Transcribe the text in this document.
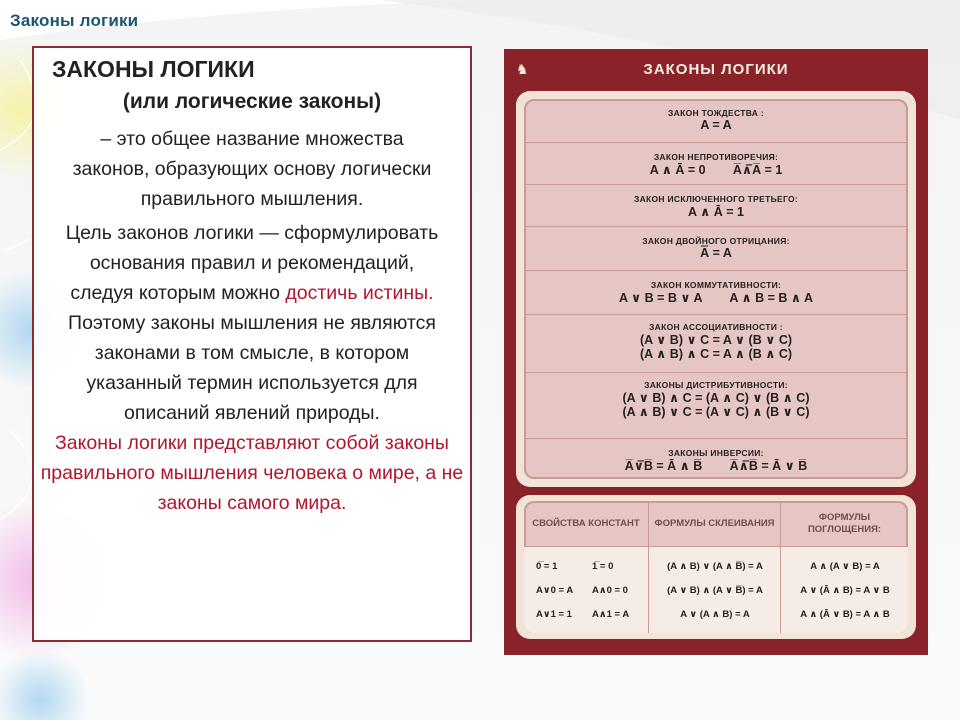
Законы логики
ЗАКОНЫ ЛОГИКИ
(или логические законы)

– это общее название множества законов, образующих основу логически правильного мышления.

Цель законов логики — сформулировать основания правил и рекомендаций, следуя которым можно достичь истины.

Поэтому законы мышления не являются законами в том смысле, в котором указанный термин используется для описаний явлений природы.

Законы логики представляют собой законы правильного мышления человека о мире, а не законы самого мира.

♞	ЗАКОНЫ ЛОГИКИ
ЗАКОН ТОЖДЕСТВА :
A = A
ЗАКОН НЕПРОТИВОРЕЧИЯ:
A ∧ Ā = 0        A̅∧̅A̅ = 1
ЗАКОН ИСКЛЮЧЕННОГО ТРЕТЬЕГО:
A ∧ Ā = 1
ЗАКОН ДВОЙНОГО ОТРИЦАНИЯ:
A̿ = A
ЗАКОН КОММУТАТИВНОСТИ:
A ∨ B = B ∨ A        A ∧ B = B ∧ A
ЗАКОН АССОЦИАТИВНОСТИ :
(A ∨ B) ∨ C = A ∨ (B ∨ C)
(A ∧ B) ∧ C = A ∧ (B ∧ C)
ЗАКОНЫ ДИСТРИБУТИВНОСТИ:
(A ∨ B) ∧ C = (A ∧ C) ∨ (B ∧ C)
(A ∧ B) ∨ C = (A ∨ C) ∧ (B ∨ C)
ЗАКОНЫ ИНВЕРСИИ:
A̅∨̅B̅ = Ā ∧ B̅        A̅∧̅B̅ = Ā ∨ B̅
СВОЙСТВА КОНСТАНТ
0̅ = 1	1̅ = 0
A∨0 = A A∧0 = 0
A∨1 = 1 A∧1 = A
ФОРМУЛЫ СКЛЕИВАНИЯ
(A ∧ B) ∨ (A ∧ B̅) = A
(A ∨ B) ∧ (A ∨ B̅) = A
A ∨ (A ∧ B) = A
ФОРМУЛЫ ПОГЛОЩЕНИЯ:
A ∧ (A ∨ B) = A
A ∨ (Ā ∧ B) = A ∨ B
A ∧ (Ā ∨ B) = A ∧ B
